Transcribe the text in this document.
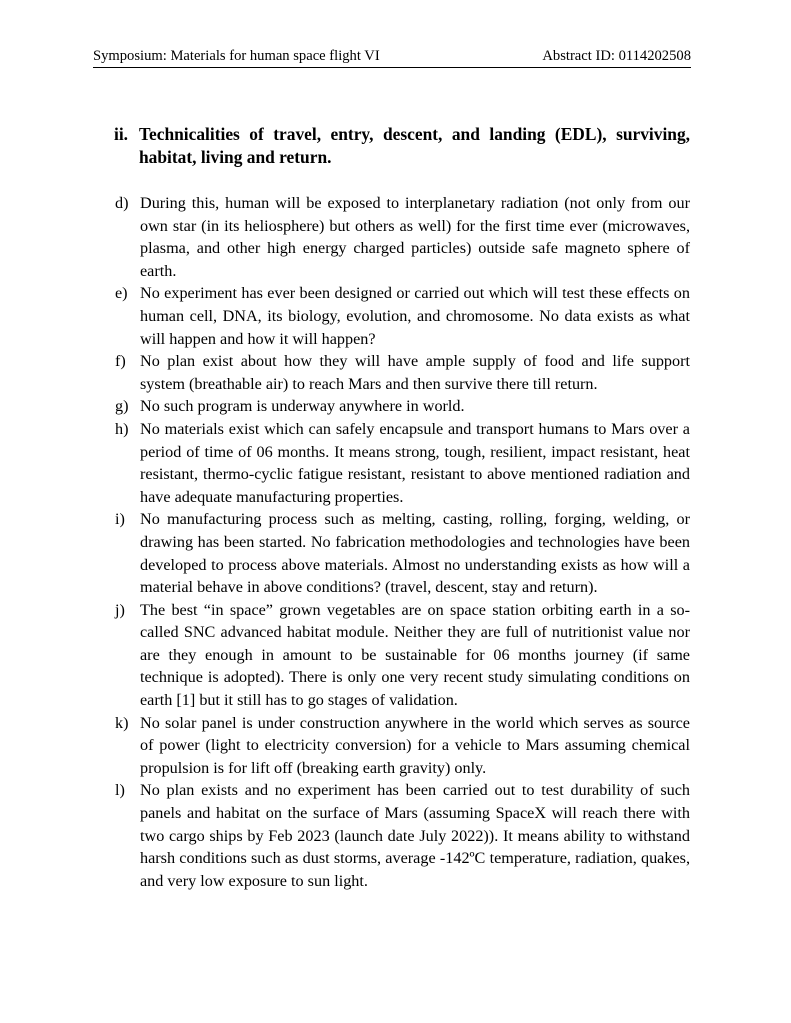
Symposium: Materials for human space flight VI	Abstract ID: 0114202508
ii. Technicalities of travel, entry, descent, and landing (EDL), surviving, habitat, living and return.
d) During this, human will be exposed to interplanetary radiation (not only from our own star (in its heliosphere) but others as well) for the first time ever (microwaves, plasma, and other high energy charged particles) outside safe magneto sphere of earth.
e) No experiment has ever been designed or carried out which will test these effects on human cell, DNA, its biology, evolution, and chromosome. No data exists as what will happen and how it will happen?
f) No plan exist about how they will have ample supply of food and life support system (breathable air) to reach Mars and then survive there till return.
g) No such program is underway anywhere in world.
h) No materials exist which can safely encapsule and transport humans to Mars over a period of time of 06 months. It means strong, tough, resilient, impact resistant, heat resistant, thermo-cyclic fatigue resistant, resistant to above mentioned radiation and have adequate manufacturing properties.
i) No manufacturing process such as melting, casting, rolling, forging, welding, or drawing has been started. No fabrication methodologies and technologies have been developed to process above materials. Almost no understanding exists as how will a material behave in above conditions? (travel, descent, stay and return).
j) The best “in space” grown vegetables are on space station orbiting earth in a so-called SNC advanced habitat module. Neither they are full of nutritionist value nor are they enough in amount to be sustainable for 06 months journey (if same technique is adopted). There is only one very recent study simulating conditions on earth [1] but it still has to go stages of validation.
k) No solar panel is under construction anywhere in the world which serves as source of power (light to electricity conversion) for a vehicle to Mars assuming chemical propulsion is for lift off (breaking earth gravity) only.
l) No plan exists and no experiment has been carried out to test durability of such panels and habitat on the surface of Mars (assuming SpaceX will reach there with two cargo ships by Feb 2023 (launch date July 2022)). It means ability to withstand harsh conditions such as dust storms, average -142ºC temperature, radiation, quakes, and very low exposure to sun light.
